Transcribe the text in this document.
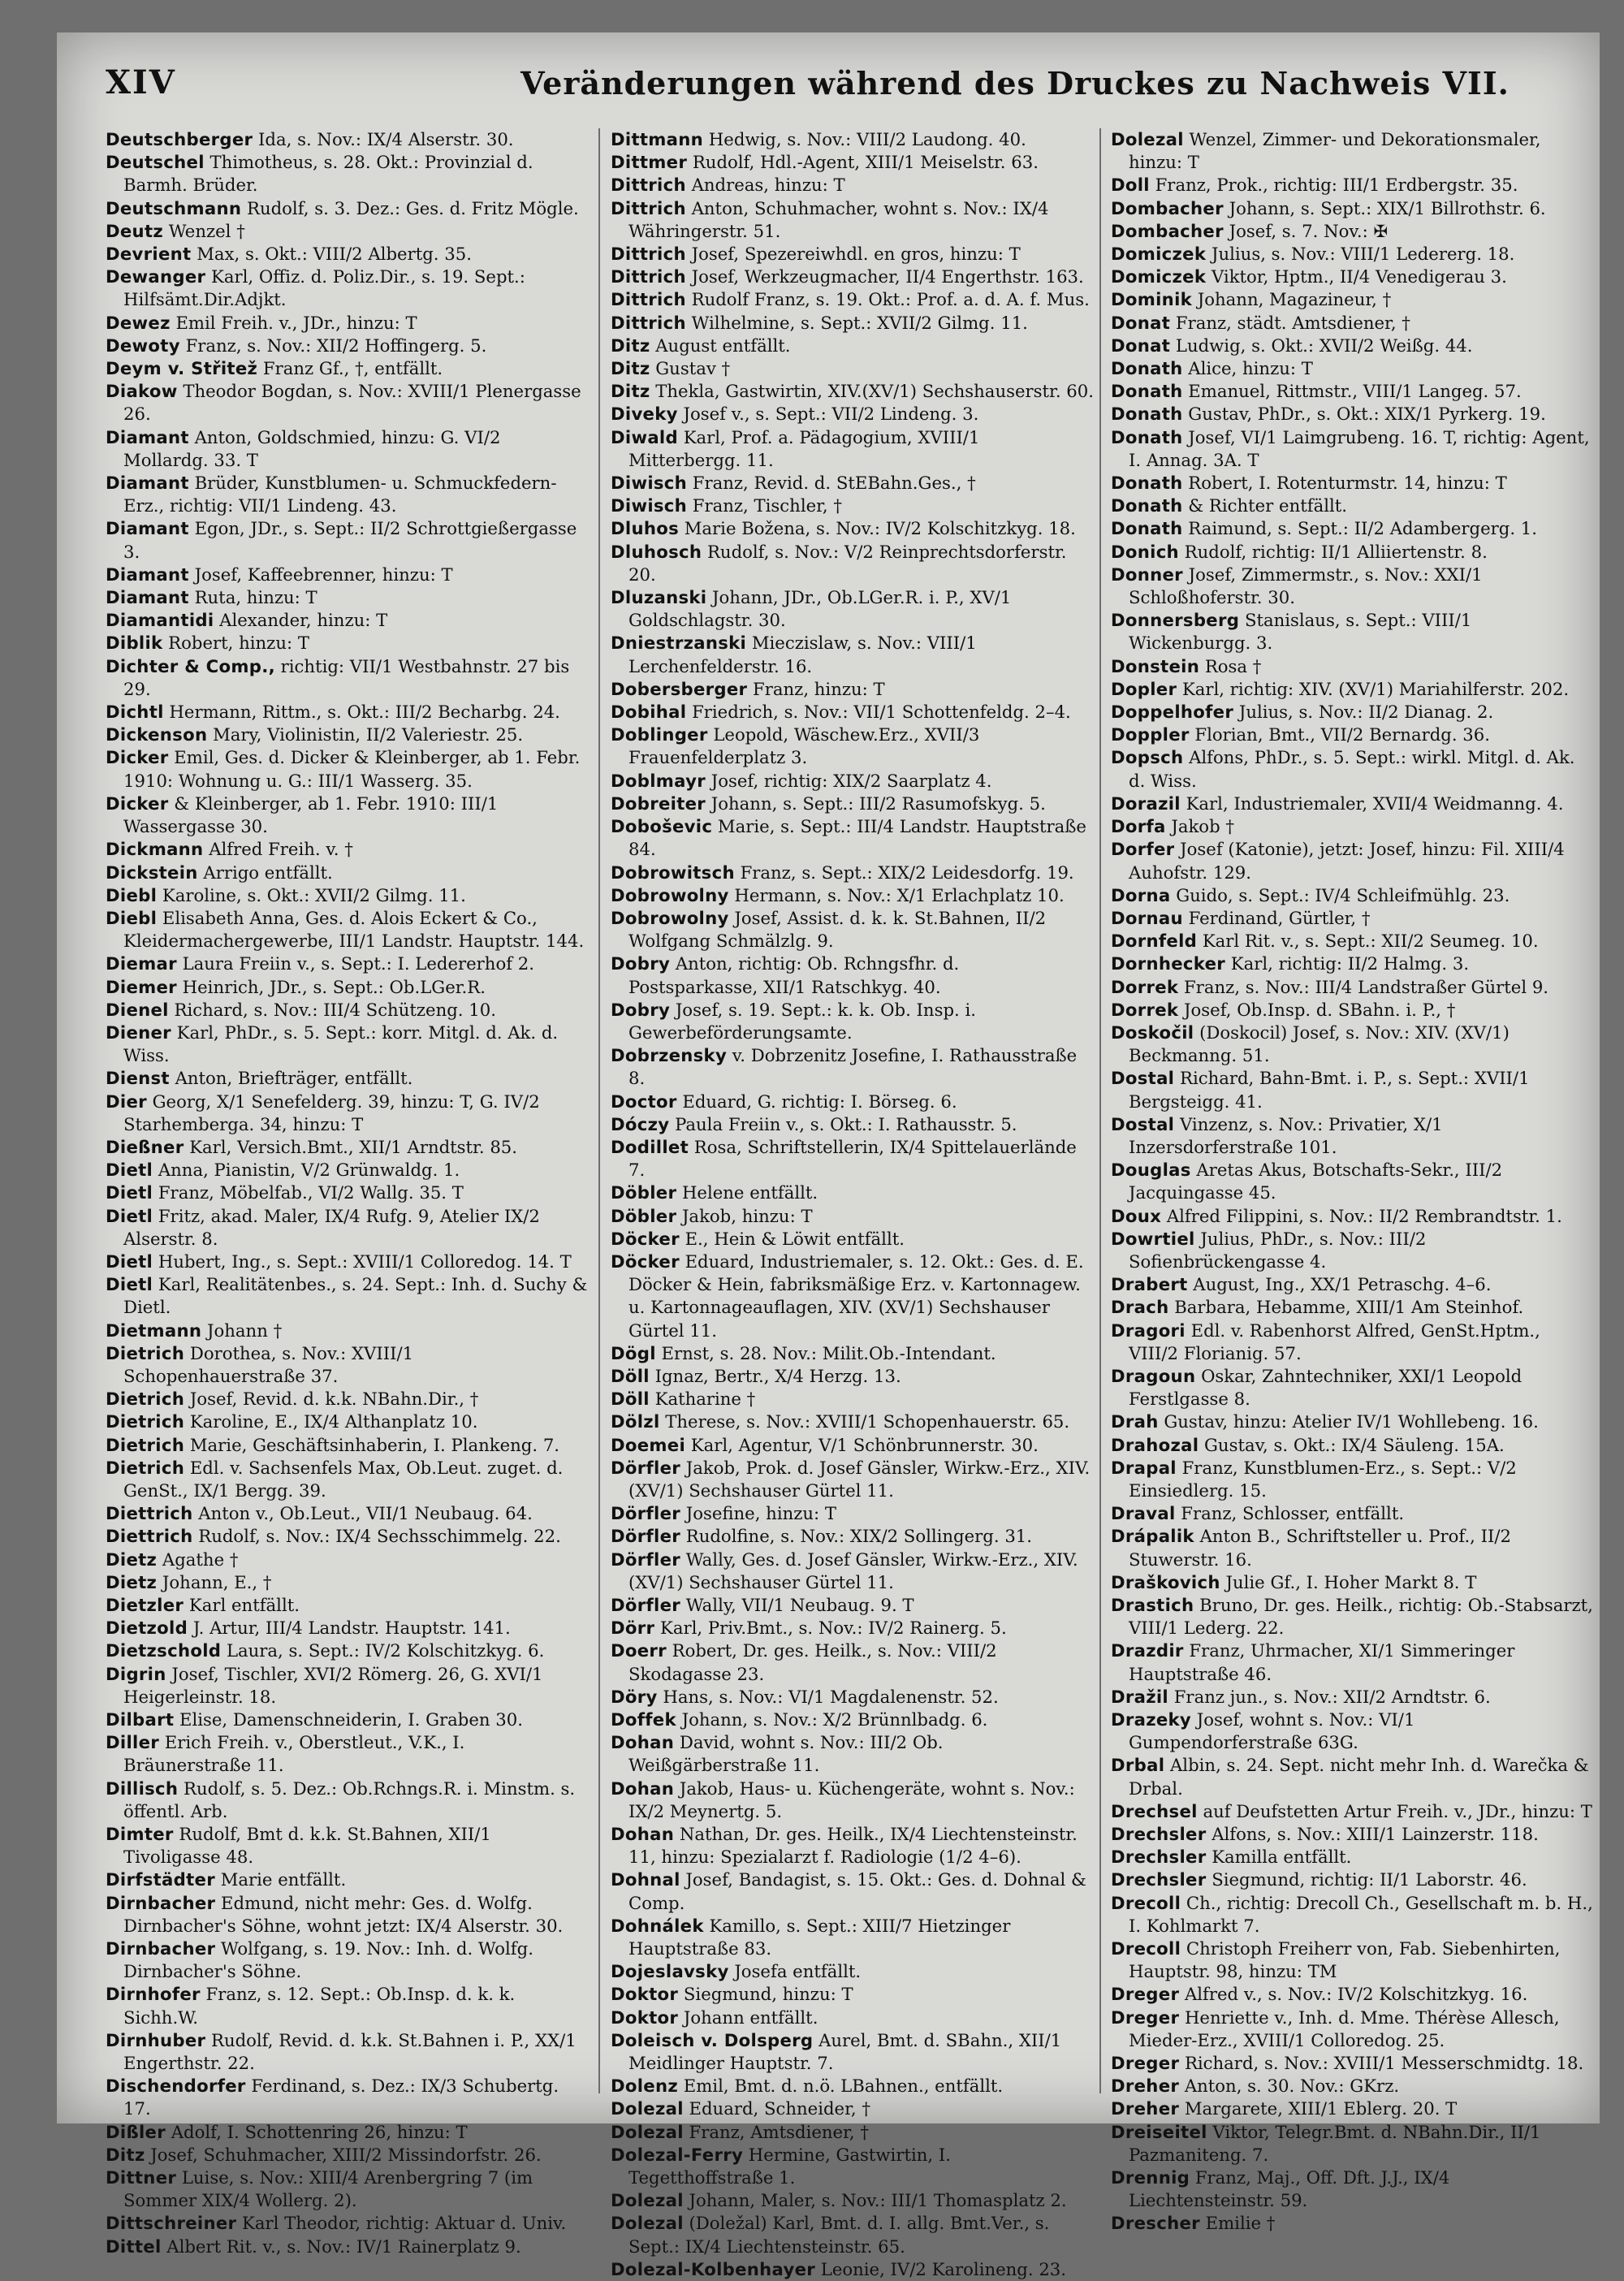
XIV	Veränderungen während des Druckes zu Nachweis VII.

Deutschberger Ida, s. Nov.: IX/4 Alserstr. 30.

Deutschel Thimotheus, s. 28. Okt.: Provinzial d. Barmh. Brüder.

Deutschmann Rudolf, s. 3. Dez.: Ges. d. Fritz Mögle.

Deutz Wenzel †

Devrient Max, s. Okt.: VIII/2 Albertg. 35.

Dewanger Karl, Offiz. d. Poliz.Dir., s. 19. Sept.: Hilfsämt.Dir.Adjkt.

Dewez Emil Freih. v., JDr., hinzu: T

Dewoty Franz, s. Nov.: XII/2 Hoffingerg. 5.

Deym v. Střitež Franz Gf., †, entfällt.

Diakow Theodor Bogdan, s. Nov.: XVIII/1 Plenergasse 26.

Diamant Anton, Goldschmied, hinzu: G. VI/2 Mollardg. 33. T

Diamant Brüder, Kunstblumen- u. Schmuckfedern-Erz., richtig: VII/1 Lindeng. 43.

Diamant Egon, JDr., s. Sept.: II/2 Schrottgießergasse 3.

Diamant Josef, Kaffeebrenner, hinzu: T

Diamant Ruta, hinzu: T

Diamantidi Alexander, hinzu: T

Diblik Robert, hinzu: T

Dichter & Comp., richtig: VII/1 Westbahnstr. 27 bis 29.

Dichtl Hermann, Rittm., s. Okt.: III/2 Becharbg. 24.

Dickenson Mary, Violinistin, II/2 Valeriestr. 25.

Dicker Emil, Ges. d. Dicker & Kleinberger, ab 1. Febr. 1910: Wohnung u. G.: III/1 Wasserg. 35.

Dicker & Kleinberger, ab 1. Febr. 1910: III/1 Wassergasse 30.

Dickmann Alfred Freih. v. †

Dickstein Arrigo entfällt.

Diebl Karoline, s. Okt.: XVII/2 Gilmg. 11.

Diebl Elisabeth Anna, Ges. d. Alois Eckert & Co., Kleidermachergewerbe, III/1 Landstr. Hauptstr. 144.

Diemar Laura Freiin v., s. Sept.: I. Ledererhof 2.

Diemer Heinrich, JDr., s. Sept.: Ob.LGer.R.

Dienel Richard, s. Nov.: III/4 Schützeng. 10.

Diener Karl, PhDr., s. 5. Sept.: korr. Mitgl. d. Ak. d. Wiss.

Dienst Anton, Briefträger, entfällt.

Dier Georg, X/1 Senefelderg. 39, hinzu: T, G. IV/2 Starhemberga. 34, hinzu: T

Dießner Karl, Versich.Bmt., XII/1 Arndtstr. 85.

Dietl Anna, Pianistin, V/2 Grünwaldg. 1.

Dietl Franz, Möbelfab., VI/2 Wallg. 35. T

Dietl Fritz, akad. Maler, IX/4 Rufg. 9, Atelier IX/2 Alserstr. 8.

Dietl Hubert, Ing., s. Sept.: XVIII/1 Colloredog. 14. T

Dietl Karl, Realitätenbes., s. 24. Sept.: Inh. d. Suchy & Dietl.

Dietmann Johann †

Dietrich Dorothea, s. Nov.: XVIII/1 Schopenhauerstraße 37.

Dietrich Josef, Revid. d. k.k. NBahn.Dir., †

Dietrich Karoline, E., IX/4 Althanplatz 10.

Dietrich Marie, Geschäftsinhaberin, I. Plankeng. 7.

Dietrich Edl. v. Sachsenfels Max, Ob.Leut. zuget. d. GenSt., IX/1 Bergg. 39.

Diettrich Anton v., Ob.Leut., VII/1 Neubaug. 64.

Diettrich Rudolf, s. Nov.: IX/4 Sechsschimmelg. 22.

Dietz Agathe †

Dietz Johann, E., †

Dietzler Karl entfällt.

Dietzold J. Artur, III/4 Landstr. Hauptstr. 141.

Dietzschold Laura, s. Sept.: IV/2 Kolschitzkyg. 6.

Digrin Josef, Tischler, XVI/2 Römerg. 26, G. XVI/1 Heigerleinstr. 18.

Dilbart Elise, Damenschneiderin, I. Graben 30.

Diller Erich Freih. v., Oberstleut., V.K., I. Bräunerstraße 11.

Dillisch Rudolf, s. 5. Dez.: Ob.Rchngs.R. i. Minstm. s. öffentl. Arb.

Dimter Rudolf, Bmt d. k.k. St.Bahnen, XII/1 Tivoligasse 48.

Dirfstädter Marie entfällt.

Dirnbacher Edmund, nicht mehr: Ges. d. Wolfg. Dirnbacher's Söhne, wohnt jetzt: IX/4 Alserstr. 30.

Dirnbacher Wolfgang, s. 19. Nov.: Inh. d. Wolfg. Dirnbacher's Söhne.

Dirnhofer Franz, s. 12. Sept.: Ob.Insp. d. k. k. Sichh.W.

Dirnhuber Rudolf, Revid. d. k.k. St.Bahnen i. P., XX/1 Engerthstr. 22.

Dischendorfer Ferdinand, s. Dez.: IX/3 Schubertg. 17.

Dißler Adolf, I. Schottenring 26, hinzu: T

Ditz Josef, Schuhmacher, XIII/2 Missindorfstr. 26.

Dittner Luise, s. Nov.: XIII/4 Arenbergring 7 (im Sommer XIX/4 Wollerg. 2).

Dittschreiner Karl Theodor, richtig: Aktuar d. Univ.

Dittel Albert Rit. v., s. Nov.: IV/1 Rainerplatz 9.

Dittmann Hedwig, s. Nov.: VIII/2 Laudong. 40.

Dittmer Rudolf, Hdl.-Agent, XIII/1 Meiselstr. 63.

Dittrich Andreas, hinzu: T

Dittrich Anton, Schuhmacher, wohnt s. Nov.: IX/4 Währingerstr. 51.

Dittrich Josef, Spezereiwhdl. en gros, hinzu: T

Dittrich Josef, Werkzeugmacher, II/4 Engerthstr. 163.

Dittrich Rudolf Franz, s. 19. Okt.: Prof. a. d. A. f. Mus.

Dittrich Wilhelmine, s. Sept.: XVII/2 Gilmg. 11.

Ditz August entfällt.

Ditz Gustav †

Ditz Thekla, Gastwirtin, XIV.(XV/1) Sechshauserstr. 60.

Diveky Josef v., s. Sept.: VII/2 Lindeng. 3.

Diwald Karl, Prof. a. Pädagogium, XVIII/1 Mitterbergg. 11.

Diwisch Franz, Revid. d. StEBahn.Ges., †

Diwisch Franz, Tischler, †

Dluhos Marie Božena, s. Nov.: IV/2 Kolschitzkyg. 18.

Dluhosch Rudolf, s. Nov.: V/2 Reinprechtsdorferstr. 20.

Dluzanski Johann, JDr., Ob.LGer.R. i. P., XV/1 Goldschlagstr. 30.

Dniestrzanski Mieczislaw, s. Nov.: VIII/1 Lerchenfelderstr. 16.

Dobersberger Franz, hinzu: T

Dobihal Friedrich, s. Nov.: VII/1 Schottenfeldg. 2–4.

Doblinger Leopold, Wäschew.Erz., XVII/3 Frauenfelderplatz 3.

Doblmayr Josef, richtig: XIX/2 Saarplatz 4.

Dobreiter Johann, s. Sept.: III/2 Rasumofskyg. 5.

Doboševic Marie, s. Sept.: III/4 Landstr. Hauptstraße 84.

Dobrowitsch Franz, s. Sept.: XIX/2 Leidesdorfg. 19.

Dobrowolny Hermann, s. Nov.: X/1 Erlachplatz 10.

Dobrowolny Josef, Assist. d. k. k. St.Bahnen, II/2 Wolfgang Schmälzlg. 9.

Dobry Anton, richtig: Ob. Rchngsfhr. d. Postsparkasse, XII/1 Ratschkyg. 40.

Dobry Josef, s. 19. Sept.: k. k. Ob. Insp. i. Gewerbeförderungsamte.

Dobrzensky v. Dobrzenitz Josefine, I. Rathausstraße 8.

Doctor Eduard, G. richtig: I. Börseg. 6.

Dóczy Paula Freiin v., s. Okt.: I. Rathausstr. 5.

Dodillet Rosa, Schriftstellerin, IX/4 Spittelauerlände 7.

Döbler Helene entfällt.

Döbler Jakob, hinzu: T

Döcker E., Hein & Löwit entfällt.

Döcker Eduard, Industriemaler, s. 12. Okt.: Ges. d. E. Döcker & Hein, fabriksmäßige Erz. v. Kartonnagew. u. Kartonnageauflagen, XIV. (XV/1) Sechshauser Gürtel 11.

Dögl Ernst, s. 28. Nov.: Milit.Ob.-Intendant.

Döll Ignaz, Bertr., X/4 Herzg. 13.

Döll Katharine †

Dölzl Therese, s. Nov.: XVIII/1 Schopenhauerstr. 65.

Doemei Karl, Agentur, V/1 Schönbrunnerstr. 30.

Dörfler Jakob, Prok. d. Josef Gänsler, Wirkw.-Erz., XIV. (XV/1) Sechshauser Gürtel 11.

Dörfler Josefine, hinzu: T

Dörfler Rudolfine, s. Nov.: XIX/2 Sollingerg. 31.

Dörfler Wally, Ges. d. Josef Gänsler, Wirkw.-Erz., XIV. (XV/1) Sechshauser Gürtel 11.

Dörfler Wally, VII/1 Neubaug. 9. T

Dörr Karl, Priv.Bmt., s. Nov.: IV/2 Rainerg. 5.

Doerr Robert, Dr. ges. Heilk., s. Nov.: VIII/2 Skodagasse 23.

Döry Hans, s. Nov.: VI/1 Magdalenenstr. 52.

Doffek Johann, s. Nov.: X/2 Brünnlbadg. 6.

Dohan David, wohnt s. Nov.: III/2 Ob. Weißgärberstraße 11.

Dohan Jakob, Haus- u. Küchengeräte, wohnt s. Nov.: IX/2 Meynertg. 5.

Dohan Nathan, Dr. ges. Heilk., IX/4 Liechtensteinstr. 11, hinzu: Spezialarzt f. Radiologie (1/2 4–6).

Dohnal Josef, Bandagist, s. 15. Okt.: Ges. d. Dohnal & Comp.

Dohnálek Kamillo, s. Sept.: XIII/7 Hietzinger Hauptstraße 83.

Dojeslavsky Josefa entfällt.

Doktor Siegmund, hinzu: T

Doktor Johann entfällt.

Doleisch v. Dolsperg Aurel, Bmt. d. SBahn., XII/1 Meidlinger Hauptstr. 7.

Dolenz Emil, Bmt. d. n.ö. LBahnen., entfällt.

Dolezal Eduard, Schneider, †

Dolezal Franz, Amtsdiener, †

Dolezal-Ferry Hermine, Gastwirtin, I. Tegetthoffstraße 1.

Dolezal Johann, Maler, s. Nov.: III/1 Thomasplatz 2.

Dolezal (Doležal) Karl, Bmt. d. I. allg. Bmt.Ver., s. Sept.: IX/4 Liechtensteinstr. 65.

Dolezal-Kolbenhayer Leonie, IV/2 Karolineng. 23.

Dolezal Wenzel, Zimmer- und Dekorationsmaler, hinzu: T

Doll Franz, Prok., richtig: III/1 Erdbergstr. 35.

Dombacher Johann, s. Sept.: XIX/1 Billrothstr. 6.

Dombacher Josef, s. 7. Nov.: ✠

Domiczek Julius, s. Nov.: VIII/1 Ledererg. 18.

Domiczek Viktor, Hptm., II/4 Venedigerau 3.

Dominik Johann, Magazineur, †

Donat Franz, städt. Amtsdiener, †

Donat Ludwig, s. Okt.: XVII/2 Weißg. 44.

Donath Alice, hinzu: T

Donath Emanuel, Rittmstr., VIII/1 Langeg. 57.

Donath Gustav, PhDr., s. Okt.: XIX/1 Pyrkerg. 19.

Donath Josef, VI/1 Laimgrubeng. 16. T, richtig: Agent, I. Annag. 3A. T

Donath Robert, I. Rotenturmstr. 14, hinzu: T

Donath & Richter entfällt.

Donath Raimund, s. Sept.: II/2 Adambergerg. 1.

Donich Rudolf, richtig: II/1 Alliiertenstr. 8.

Donner Josef, Zimmermstr., s. Nov.: XXI/1 Schloßhoferstr. 30.

Donnersberg Stanislaus, s. Sept.: VIII/1 Wickenburgg. 3.

Donstein Rosa †

Dopler Karl, richtig: XIV. (XV/1) Mariahilferstr. 202.

Doppelhofer Julius, s. Nov.: II/2 Dianag. 2.

Doppler Florian, Bmt., VII/2 Bernardg. 36.

Dopsch Alfons, PhDr., s. 5. Sept.: wirkl. Mitgl. d. Ak. d. Wiss.

Dorazil Karl, Industriemaler, XVII/4 Weidmanng. 4.

Dorfa Jakob †

Dorfer Josef (Katonie), jetzt: Josef, hinzu: Fil. XIII/4 Auhofstr. 129.

Dorna Guido, s. Sept.: IV/4 Schleifmühlg. 23.

Dornau Ferdinand, Gürtler, †

Dornfeld Karl Rit. v., s. Sept.: XII/2 Seumeg. 10.

Dornhecker Karl, richtig: II/2 Halmg. 3.

Dorrek Franz, s. Nov.: III/4 Landstraßer Gürtel 9.

Dorrek Josef, Ob.Insp. d. SBahn. i. P., †

Doskočil (Doskocil) Josef, s. Nov.: XIV. (XV/1) Beckmanng. 51.

Dostal Richard, Bahn-Bmt. i. P., s. Sept.: XVII/1 Bergsteigg. 41.

Dostal Vinzenz, s. Nov.: Privatier, X/1 Inzersdorferstraße 101.

Douglas Aretas Akus, Botschafts-Sekr., III/2 Jacquingasse 45.

Doux Alfred Filippini, s. Nov.: II/2 Rembrandtstr. 1.

Dowrtiel Julius, PhDr., s. Nov.: III/2 Sofienbrückengasse 4.

Drabert August, Ing., XX/1 Petraschg. 4–6.

Drach Barbara, Hebamme, XIII/1 Am Steinhof.

Dragori Edl. v. Rabenhorst Alfred, GenSt.Hptm., VIII/2 Florianig. 57.

Dragoun Oskar, Zahntechniker, XXI/1 Leopold Ferstlgasse 8.

Drah Gustav, hinzu: Atelier IV/1 Wohllebeng. 16.

Drahozal Gustav, s. Okt.: IX/4 Säuleng. 15A.

Drapal Franz, Kunstblumen-Erz., s. Sept.: V/2 Einsiedlerg. 15.

Draval Franz, Schlosser, entfällt.

Drápalik Anton B., Schriftsteller u. Prof., II/2 Stuwerstr. 16.

Draškovich Julie Gf., I. Hoher Markt 8. T

Drastich Bruno, Dr. ges. Heilk., richtig: Ob.-Stabsarzt, VIII/1 Lederg. 22.

Drazdir Franz, Uhrmacher, XI/1 Simmeringer Hauptstraße 46.

Dražil Franz jun., s. Nov.: XII/2 Arndtstr. 6.

Drazeky Josef, wohnt s. Nov.: VI/1 Gumpendorferstraße 63G.

Drbal Albin, s. 24. Sept. nicht mehr Inh. d. Warečka & Drbal.

Drechsel auf Deufstetten Artur Freih. v., JDr., hinzu: T

Drechsler Alfons, s. Nov.: XIII/1 Lainzerstr. 118.

Drechsler Kamilla entfällt.

Drechsler Siegmund, richtig: II/1 Laborstr. 46.

Drecoll Ch., richtig: Drecoll Ch., Gesellschaft m. b. H., I. Kohlmarkt 7.

Drecoll Christoph Freiherr von, Fab. Siebenhirten, Hauptstr. 98, hinzu: TM

Dreger Alfred v., s. Nov.: IV/2 Kolschitzkyg. 16.

Dreger Henriette v., Inh. d. Mme. Thérèse Allesch, Mieder-Erz., XVIII/1 Colloredog. 25.

Dreger Richard, s. Nov.: XVIII/1 Messerschmidtg. 18.

Dreher Anton, s. 30. Nov.: GKrz.

Dreher Margarete, XIII/1 Eblerg. 20. T

Dreiseitel Viktor, Telegr.Bmt. d. NBahn.Dir., II/1 Pazmaniteng. 7.

Drennig Franz, Maj., Off. Dft. J.J., IX/4 Liechtensteinstr. 59.

Drescher Emilie †
